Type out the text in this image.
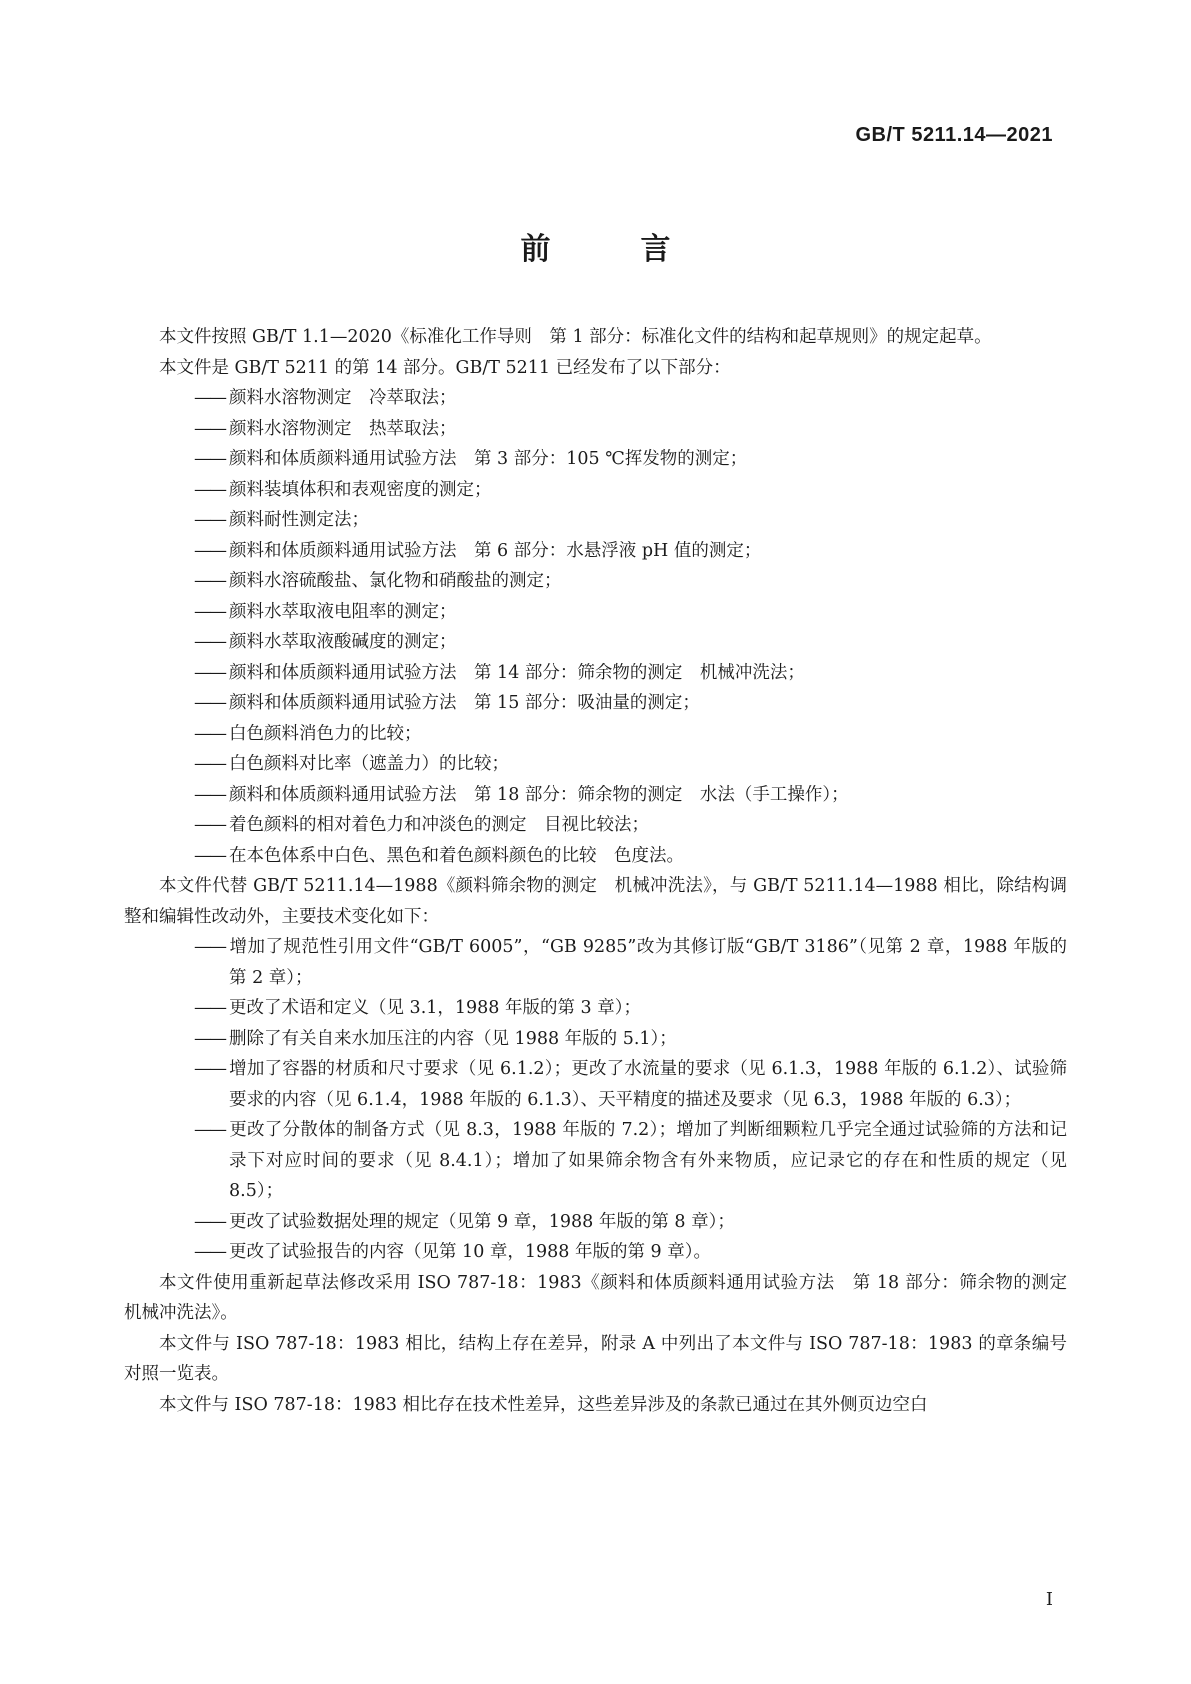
GB/T 5211.14—2021
前　言

本文件按照 GB/T 1.1—2020《标准化工作导则　第 1 部分：标准化文件的结构和起草规则》的规定起草。

本文件是 GB/T 5211 的第 14 部分。GB/T 5211 已经发布了以下部分：

—— 颜料水溶物测定　冷萃取法；

—— 颜料水溶物测定　热萃取法；

—— 颜料和体质颜料通用试验方法　第 3 部分：105 ℃挥发物的测定；

—— 颜料装填体积和表观密度的测定；

—— 颜料耐性测定法；

—— 颜料和体质颜料通用试验方法　第 6 部分：水悬浮液 pH 值的测定；

—— 颜料水溶硫酸盐、氯化物和硝酸盐的测定；

—— 颜料水萃取液电阻率的测定；

—— 颜料水萃取液酸碱度的测定；

—— 颜料和体质颜料通用试验方法　第 14 部分：筛余物的测定　机械冲洗法；

—— 颜料和体质颜料通用试验方法　第 15 部分：吸油量的测定；

—— 白色颜料消色力的比较；

—— 白色颜料对比率（遮盖力）的比较；

—— 颜料和体质颜料通用试验方法　第 18 部分：筛余物的测定　水法（手工操作）；

—— 着色颜料的相对着色力和冲淡色的测定　目视比较法；

—— 在本色体系中白色、黑色和着色颜料颜色的比较　色度法。

本文件代替 GB/T 5211.14—1988《颜料筛余物的测定　机械冲洗法》，与 GB/T 5211.14—1988 相比，除结构调整和编辑性改动外，主要技术变化如下：

—— 增加了规范性引用文件“GB/T 6005”，“GB 9285”改为其修订版“GB/T 3186”（见第 2 章，1988 年版的第 2 章）；

—— 更改了术语和定义（见 3.1，1988 年版的第 3 章）；

—— 删除了有关自来水加压注的内容（见 1988 年版的 5.1）；

—— 增加了容器的材质和尺寸要求（见 6.1.2）；更改了水流量的要求（见 6.1.3，1988 年版的 6.1.2）、试验筛要求的内容（见 6.1.4，1988 年版的 6.1.3）、天平精度的描述及要求（见 6.3，1988 年版的 6.3）；

—— 更改了分散体的制备方式（见 8.3，1988 年版的 7.2）；增加了判断细颗粒几乎完全通过试验筛的方法和记录下对应时间的要求（见 8.4.1）；增加了如果筛余物含有外来物质，应记录它的存在和性质的规定（见 8.5）；

—— 更改了试验数据处理的规定（见第 9 章，1988 年版的第 8 章）；

—— 更改了试验报告的内容（见第 10 章，1988 年版的第 9 章）。

本文件使用重新起草法修改采用 ISO 787-18：1983《颜料和体质颜料通用试验方法　第 18 部分：筛余物的测定　机械冲洗法》。

本文件与 ISO 787-18：1983 相比，结构上存在差异，附录 A 中列出了本文件与 ISO 787-18：1983 的章条编号对照一览表。

本文件与 ISO 787-18：1983 相比存在技术性差异，这些差异涉及的条款已通过在其外侧页边空白

I
